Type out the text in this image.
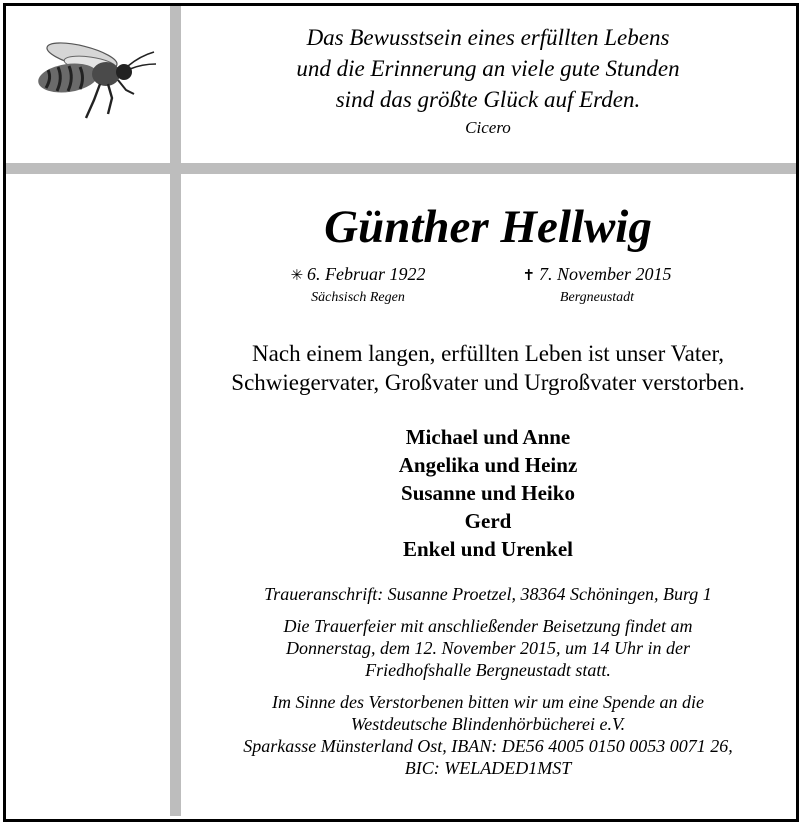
Das Bewusstsein eines erfüllten Lebens
und die Erinnerung an viele gute Stunden
sind das größte Glück auf Erden.
Cicero
Günther Hellwig
✳ 6. Februar 1922
Sächsisch Regen
✝ 7. November 2015
Bergneustadt
Nach einem langen, erfüllten Leben ist unser Vater,
Schwiegervater, Großvater und Urgroßvater verstorben.
Michael und Anne
Angelika und Heinz
Susanne und Heiko
Gerd
Enkel und Urenkel
Traueranschrift: Susanne Proetzel, 38364 Schöningen, Burg 1
Die Trauerfeier mit anschließender Beisetzung findet am
Donnerstag, dem 12. November 2015, um 14 Uhr in der
Friedhofshalle Bergneustadt statt.
Im Sinne des Verstorbenen bitten wir um eine Spende an die
Westdeutsche Blindenhörbücherei e.V.
Sparkasse Münsterland Ost, IBAN: DE56 4005 0150 0053 0071 26,
BIC: WELADED1MST
